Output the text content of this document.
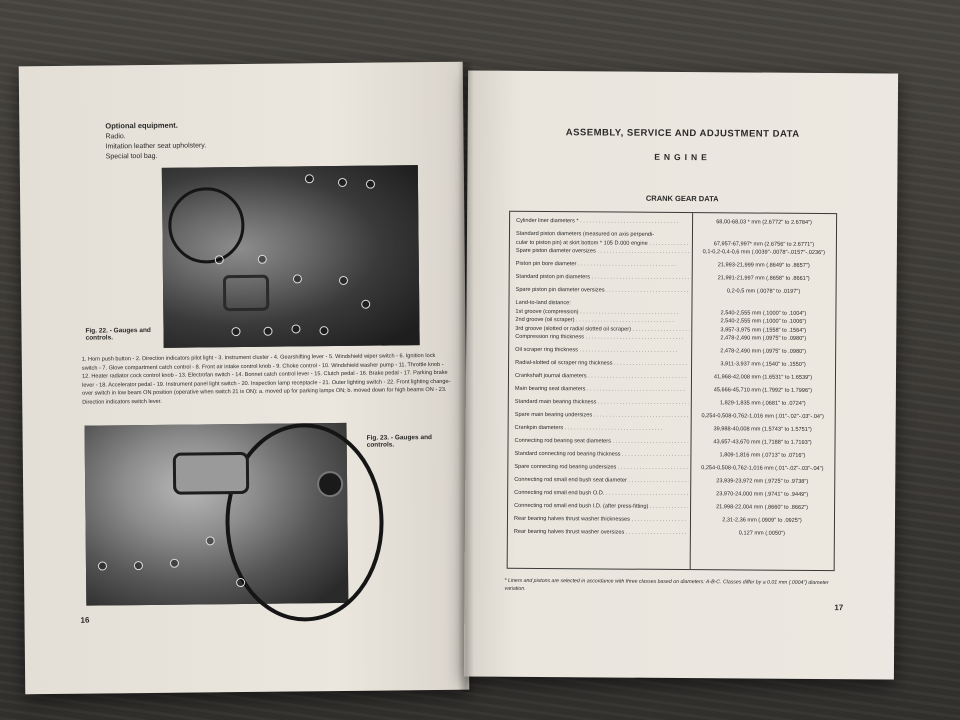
Optional equipment.
Radio.
Imitation leather seat upholstery.
Special tool bag.
Fig. 22. - Gauges and controls.
1. Horn push button - 2. Direction indicators pilot light - 3. Instrument cluster - 4. Gearshifting lever - 5. Windshield wiper switch - 6. Ignition lock switch - 7. Glove compartment catch control - 8. Front air intake control knob - 9. Choke control - 10. Windshield washer pump - 11. Throttle knob - 12. Heater radiator cock control knob - 13. Electrofan switch - 14. Bonnet catch control lever - 15. Clutch pedal - 16. Brake pedal - 17. Parking brake lever - 18. Accelerator pedal - 19. Instrument panel light switch - 20. Inspection lamp receptacle - 21. Outer lighting switch - 22. Front lighting change-over switch in low beam ON position (operative when switch 21 is ON): a. moved up for parking lamps ON; b. moved down for high beams ON - 23. Direction indicators switch lever.
Fig. 23. - Gauges and controls.
16
ASSEMBLY, SERVICE AND ADJUSTMENT DATA
ENGINE
CRANK GEAR DATA
Cylinder liner diameters * . . .	68,00-68,03 * mm (2.6772" to 2.6784")
Standard piston diameters (measured on axis perpendi-
cular to piston pin) at skirt bottom * 105 D.000 engine . . .	67,957-67,997* mm (2.6756" to 2.6771")
Spare piston diameter oversizes . . .	0,1-0,2-0,4-0,6 mm (.0039"-.0078"-.0157"-.0236")
Piston pin bore diameter . . .	21,993-21,999 mm (.8649" to .8657")
Standard piston pin diameters . . .	21,991-21,997 mm (.8658" to .8661")
Spare piston pin diameter oversizes . . .	0,2-0,5 mm (.0078" to .0197")
Land-to-land distance:
1st groove (compression) . . .	2,540-2,555 mm (.1000" to .1004")
2nd groove (oil scraper) . . .	2,540-2,555 mm (.1000" to .1006")
3rd groove (slotted or radial slotted oil scraper) . . .	3,957-3,975 mm (.1558" to .1564")
Compression ring thickness . . .	2,478-2,490 mm (.0975" to .0980")
Oil scraper ring thickness . . .	2,478-2,490 mm (.0975" to .0980")
Radial-slotted oil scraper ring thickness . . .	3,911-3,937 mm (.1540" to .1550")
Crankshaft journal diameters . . .	41,968-42,008 mm (1.6531" to 1.6539")
Main bearing seat diameters . . .	45,666-45,710 mm (1.7992" to 1.7996")
Standard main bearing thickness . . .	1,829-1,835 mm (.0681" to .0724")
Spare main bearing undersizes . . .	0,254-0,508-0,762-1,016 mm (.01"-.02"-.03"-.04")
Crankpin diameters . . .	39,988-40,008 mm (1.5743" to 1.5751")
Connecting rod bearing seat diameters . . .	43,657-43,670 mm (1.7188" to 1.7193")
Standard connecting rod bearing thickness . . .	1,809-1,816 mm (.0713" to .0716")
Spare connecting rod bearing undersizes . . .	0,254-0,508-0,762-1,016 mm (.01"-.02"-.03"-.04")
Connecting rod small end bush seat diameter . . .	23,939-23,972 mm (.9725" to .9738")
Connecting rod small end bush O.D. . . .	23,970-24,000 mm (.9741" to .9449")
Connecting rod small end bush I.D. (after press-fitting) . . .	21,998-22,004 mm (.8660" to .8662")
Rear bearing halves thrust washer thicknesses . . .	2,31-2,36 mm (.0909" to .0925")
Rear bearing halves thrust washer oversizes . . .	0,127 mm (.0050")
* Liners and pistons are selected in accordance with three classes based on diameters: A-B-C. Classes differ by a 0,01 mm (.0004") diameter variation.
17
